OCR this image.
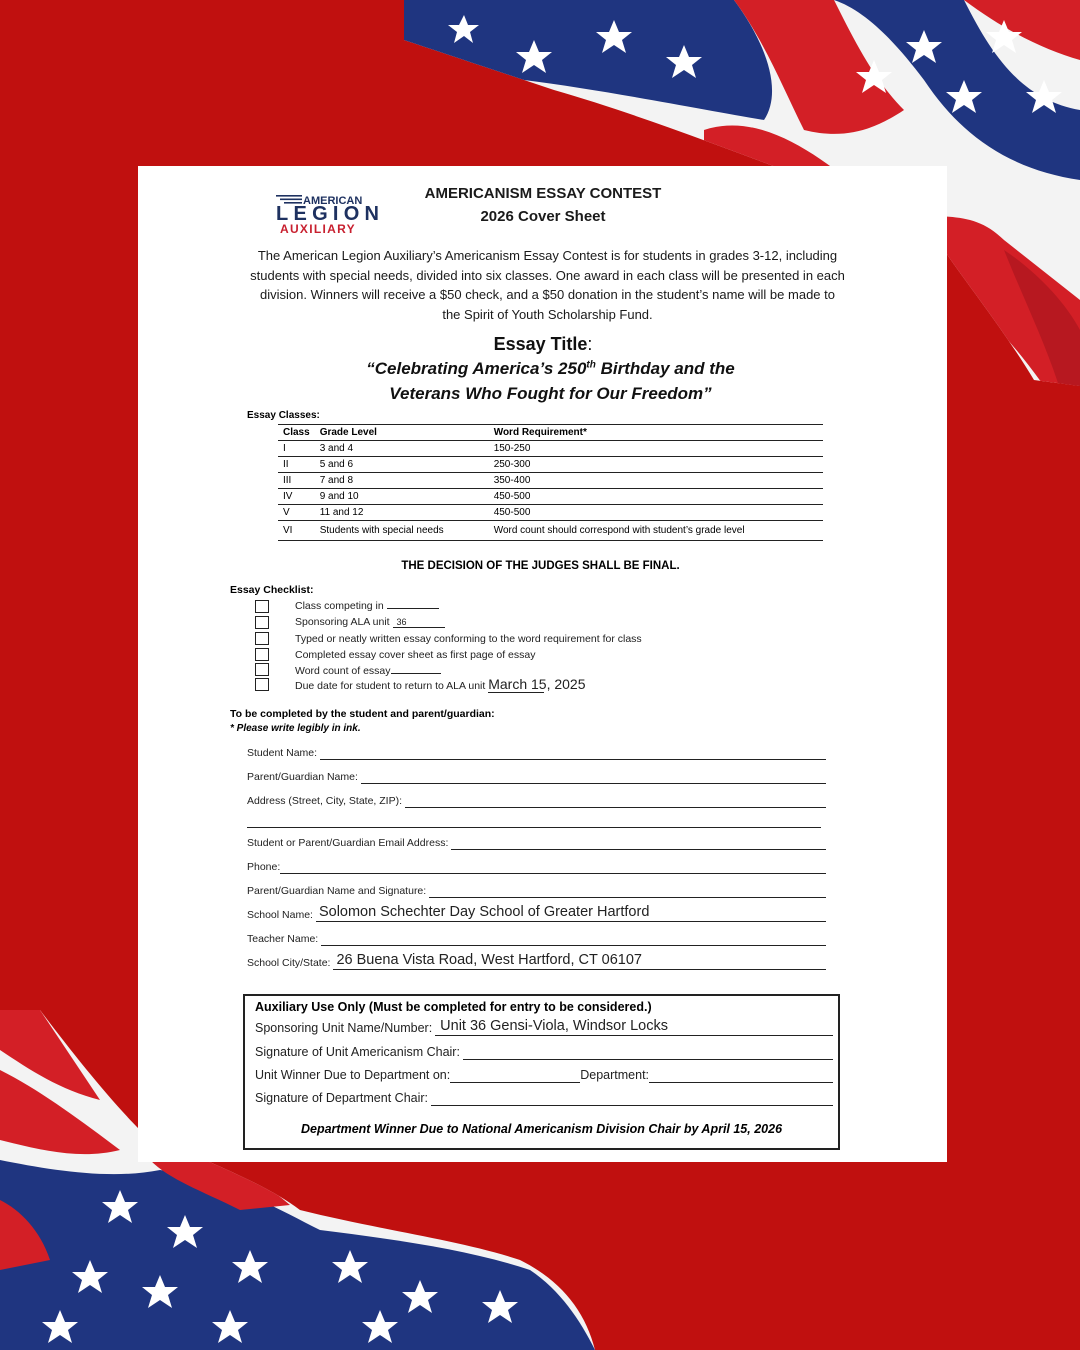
AMERICAN
LEGION
AUXILIARY
AMERICANISM ESSAY CONTEST
2026 Cover Sheet
The American Legion Auxiliary’s Americanism Essay Contest is for students in grades 3-12, including students with special needs, divided into six classes. One award in each class will be presented in each division. Winners will receive a $50 check, and a $50 donation in the student’s name will be made to the Spirit of Youth Scholarship Fund.
Essay Title:
“Celebrating America’s 250th Birthday and the
Veterans Who Fought for Our Freedom”
Essay Classes:
Class	Grade Level	Word Requirement*
I	3 and 4	150-250
II	5 and 6	250-300
III	7 and 8	350-400
IV	9 and 10	450-500
V	11 and 12	450-500
VI	Students with special needs	Word count should correspond with student’s grade level
THE DECISION OF THE JUDGES SHALL BE FINAL.
Essay Checklist:
Class competing in
Sponsoring ALA unit 36
Typed or neatly written essay conforming to the word requirement for class
Completed essay cover sheet as first page of essay
Word count of essay
Due date for student to return to ALA unit March 15, 2025
To be completed by the student and parent/guardian:
* Please write legibly in ink.
Student Name:
Parent/Guardian Name:
Address (Street, City, State, ZIP):
Student or Parent/Guardian Email Address:
Phone:
Parent/Guardian Name and Signature:
School Name: Solomon Schechter Day School of Greater Hartford
Teacher Name:
School City/State: 26 Buena Vista Road, West Hartford, CT 06107
Auxiliary Use Only (Must be completed for entry to be considered.)
Sponsoring Unit Name/Number: Unit 36 Gensi-Viola, Windsor Locks
Signature of Unit Americanism Chair:
Unit Winner Due to Department on:	Department:
Signature of Department Chair:
Department Winner Due to National Americanism Division Chair by April 15, 2026
